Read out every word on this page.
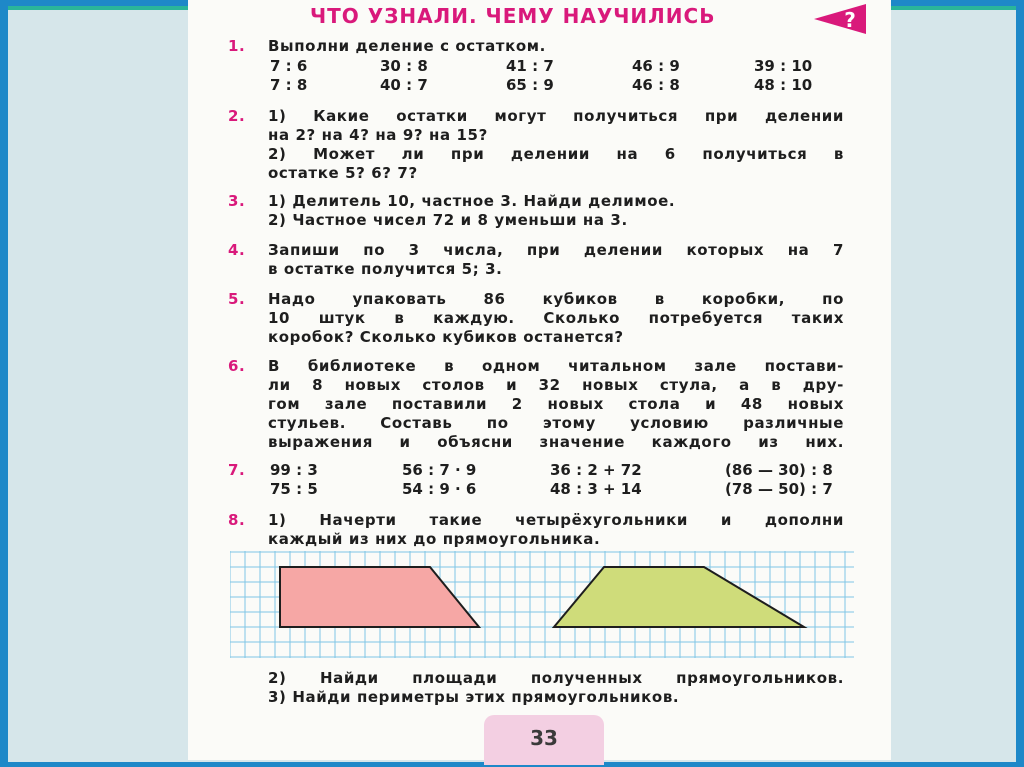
ЧТО УЗНАЛИ. ЧЕМУ НАУЧИЛИСЬ	?
1.	Выполни деление с остатком.
7 : 6	30 : 8	41 : 7	46 : 9	39 : 10
7 : 8	40 : 7	65 : 9	46 : 8	48 : 10
2.	1) Какие остатки могут получиться при делении
на 2? на 4? на 9? на 15?
2) Может ли при делении на 6 получиться в
остатке 5? 6? 7?
3.	1) Делитель 10, частное 3. Найди делимое.
2) Частное чисел 72 и 8 уменьши на 3.
4.	Запиши по 3 числа, при делении которых на 7
в остатке получится 5; 3.
5.	Надо упаковать 86 кубиков в коробки, по
10 штук в каждую. Сколько потребуется таких
коробок? Сколько кубиков останется?
6.	В библиотеке в одном читальном зале постави-
ли 8 новых столов и 32 новых стула, а в дру-
гом зале поставили 2 новых стола и 48 новых
стульев. Составь по этому условию различные
выражения и объясни значение каждого из них.
7.	99 : 3	56 : 7 · 9	36 : 2 + 72	(86 — 30) : 8
75 : 5	54 : 9 · 6	48 : 3 + 14	(78 — 50) : 7
8.	1) Начерти такие четырёхугольники и дополни
каждый из них до прямоугольника.
2) Найди площади полученных прямоугольников.
3) Найди периметры этих прямоугольников.
33
